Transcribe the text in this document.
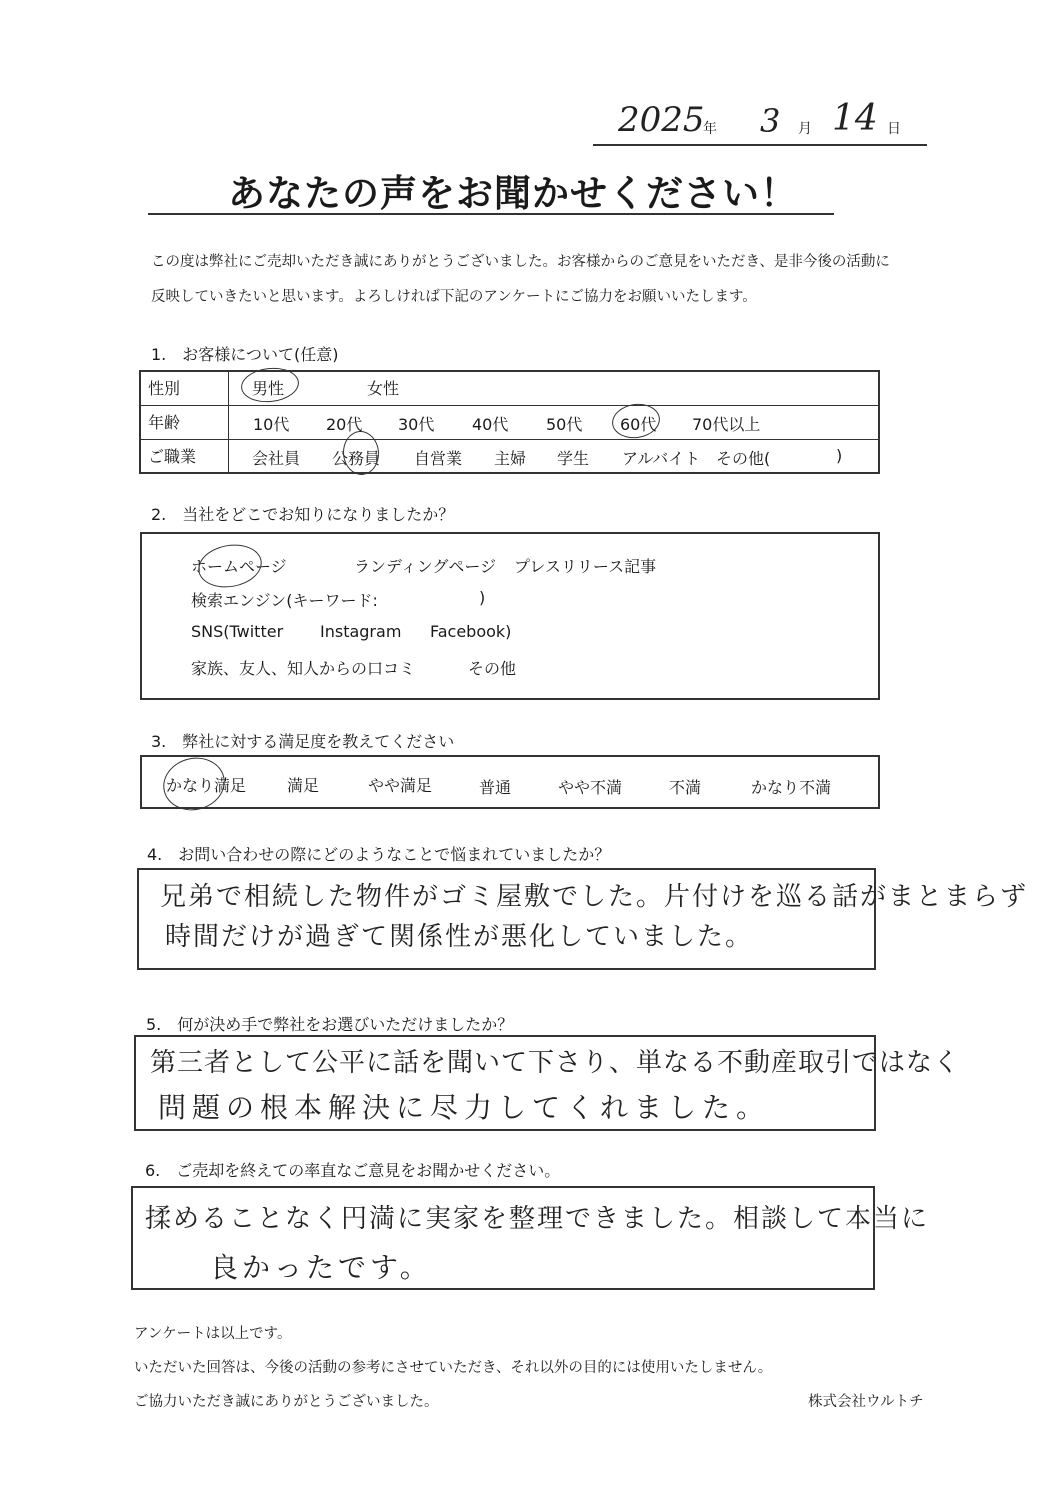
2025
年 3 月 14 日
あなたの声をお聞かせください！
この度は弊社にご売却いただき誠にありがとうございました。お客様からのご意見をいただき、是非今後の活動に
反映していきたいと思います。よろしければ下記のアンケートにご協力をお願いいたします。
1.　お客様について(任意)
性別	男性	女性
年齢	10代 20代 30代 40代 50代 60代 70代以上
ご職業	会社員 公務員 自営業 主婦 学生 アルバイト その他(	)
2.　当社をどこでお知りになりましたか？
ホームページ	ランディングページ プレスリリース記事
検索エンジン(キーワード:	)
SNS(Twitter Instagram Facebook)
家族、友人、知人からの口コミ	その他
3.　弊社に対する満足度を教えてください
かなり満足	満足	やや満足	普通	やや不満	不満	かなり不満
4.　お問い合わせの際にどのようなことで悩まれていましたか？
兄弟で相続した物件がゴミ屋敷でした。片付けを巡る話がまとまらず
時間だけが過ぎて関係性が悪化していました。
5.　何が決め手で弊社をお選びいただけましたか？
第三者として公平に話を聞いて下さり、単なる不動産取引ではなく
問題の根本解決に尽力してくれました。
6.　ご売却を終えての率直なご意見をお聞かせください。
揉めることなく円満に実家を整理できました。相談して本当に
良かったです。
アンケートは以上です。
いただいた回答は、今後の活動の参考にさせていただき、それ以外の目的には使用いたしません。
ご協力いただき誠にありがとうございました。	株式会社ウルトチ
